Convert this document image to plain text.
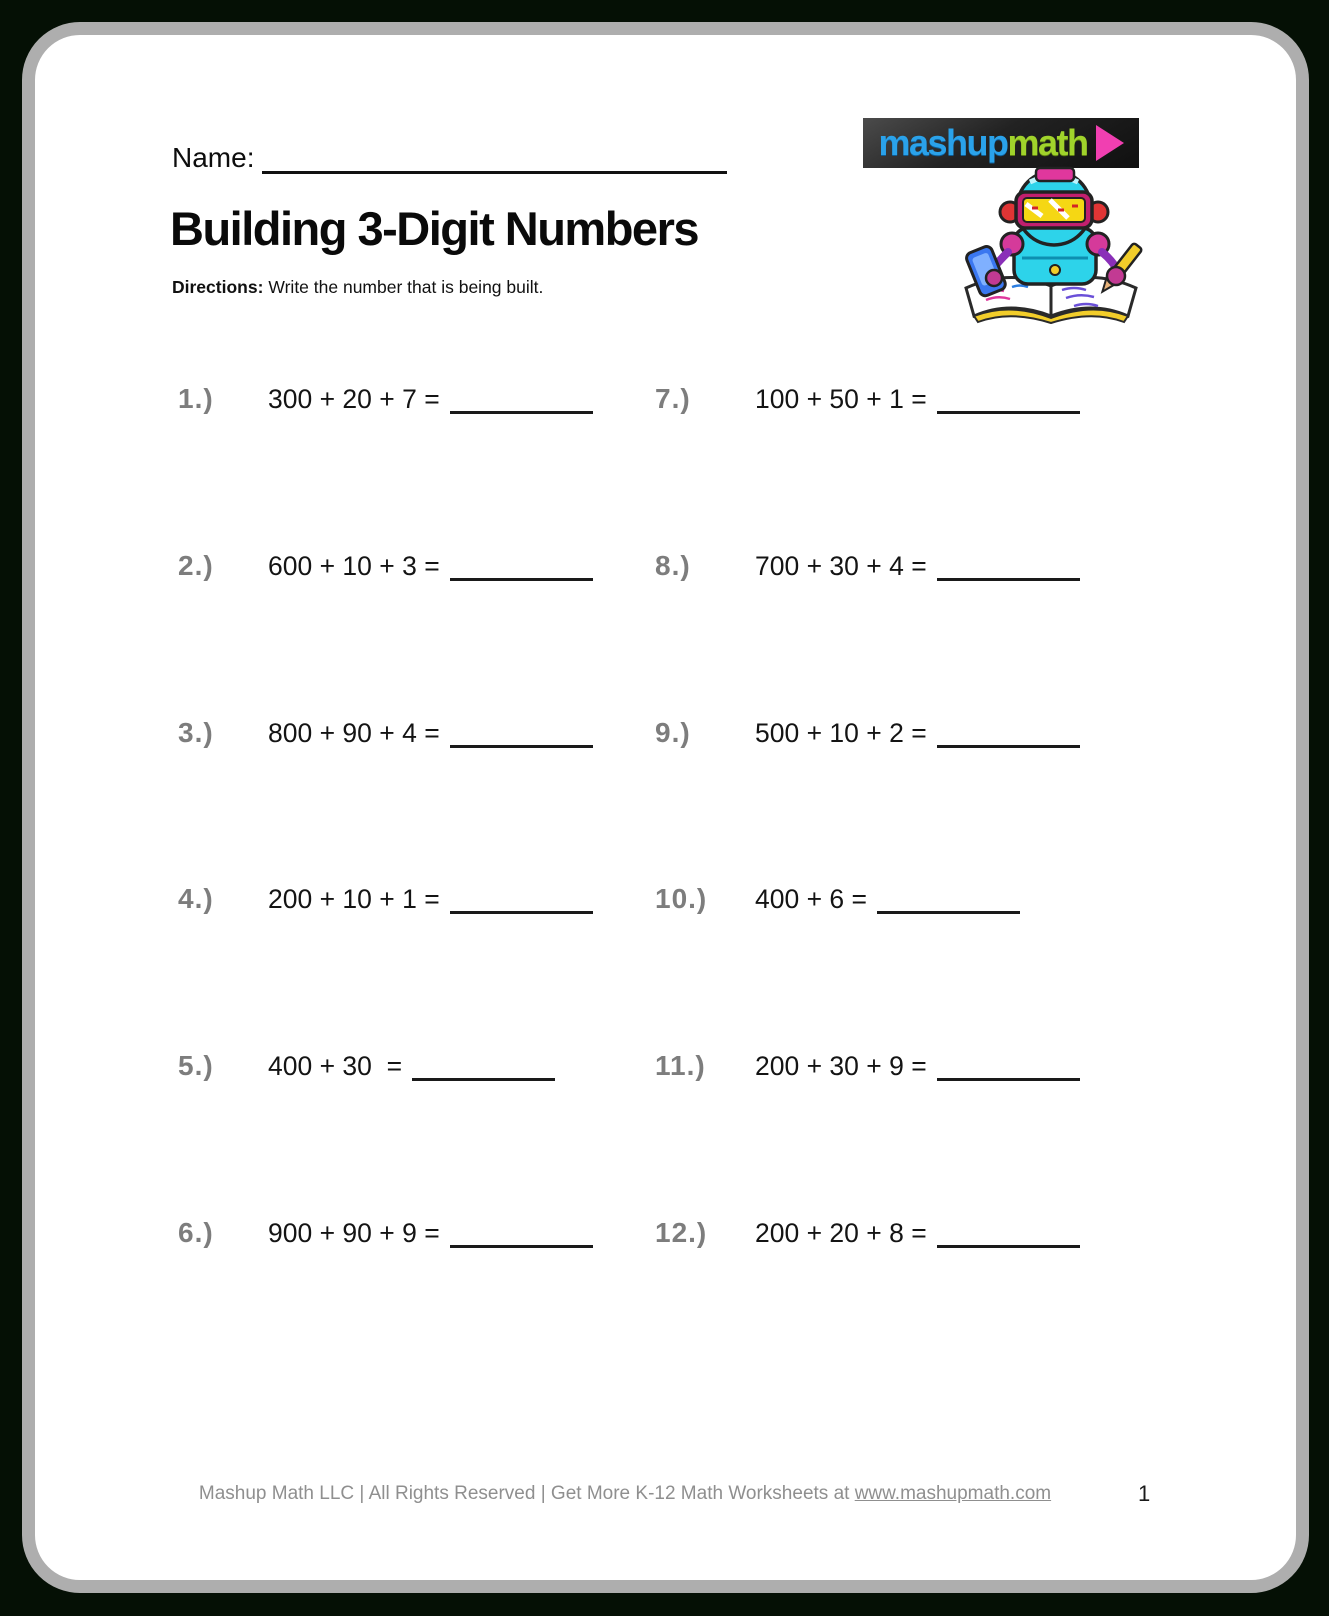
Name:	mashupmath
Building 3-Digit Numbers
Directions: Write the number that is being built.
1.)	300 + 20 + 7 =	7.)	100 + 50 + 1 =
2.)	600 + 10 + 3 =	8.)	700 + 30 + 4 =
3.)	800 + 90 + 4 =	9.)	500 + 10 + 2 =
4.)	200 + 10 + 1 =	10.)	400 + 6 =
5.)	400 + 30  =	11.)	200 + 30 + 9 =
6.)	900 + 90 + 9 =	12.)	200 + 20 + 8 =
Mashup Math LLC | All Rights Reserved | Get More K-12 Math Worksheets at www.mashupmath.com	1
